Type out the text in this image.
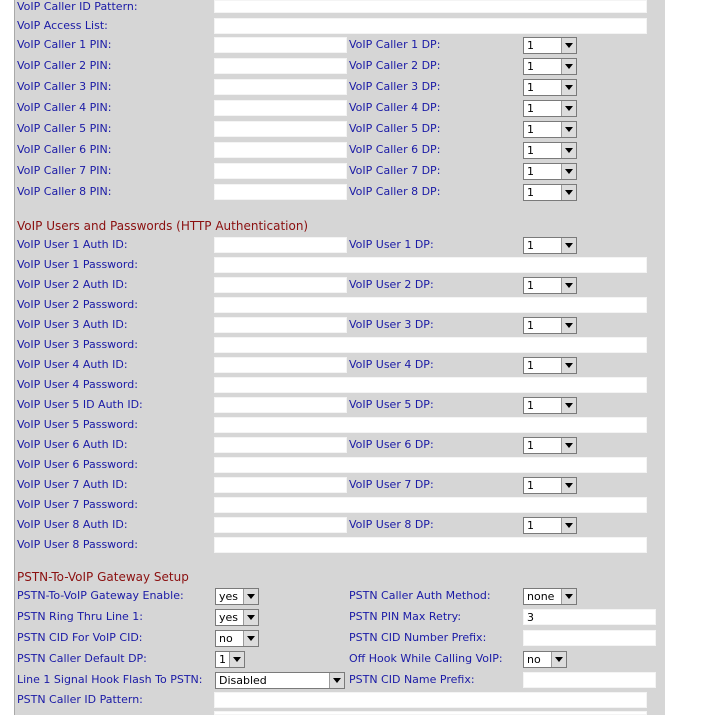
VoIP Caller ID Pattern:
VoIP Access List:
VoIP Caller 1 PIN:	VoIP Caller 1 DP:	1
VoIP Caller 2 PIN:	VoIP Caller 2 DP:	1
VoIP Caller 3 PIN:	VoIP Caller 3 DP:	1
VoIP Caller 4 PIN:	VoIP Caller 4 DP:	1
VoIP Caller 5 PIN:	VoIP Caller 5 DP:	1
VoIP Caller 6 PIN:	VoIP Caller 6 DP:	1
VoIP Caller 7 PIN:	VoIP Caller 7 DP:	1
VoIP Caller 8 PIN:	VoIP Caller 8 DP:	1
VoIP Users and Passwords (HTTP Authentication)
VoIP User 1 Auth ID:	VoIP User 1 DP:	1
VoIP User 1 Password:
VoIP User 2 Auth ID:	VoIP User 2 DP:	1
VoIP User 2 Password:
VoIP User 3 Auth ID:	VoIP User 3 DP:	1
VoIP User 3 Password:
VoIP User 4 Auth ID:	VoIP User 4 DP:	1
VoIP User 4 Password:
VoIP User 5 ID Auth ID:	VoIP User 5 DP:	1
VoIP User 5 Password:
VoIP User 6 Auth ID:	VoIP User 6 DP:	1
VoIP User 6 Password:
VoIP User 7 Auth ID:	VoIP User 7 DP:	1
VoIP User 7 Password:
VoIP User 8 Auth ID:	VoIP User 8 DP:	1
VoIP User 8 Password:
PSTN-To-VoIP Gateway Setup
PSTN-To-VoIP Gateway Enable:	yes	PSTN Caller Auth Method:	none
PSTN Ring Thru Line 1:	yes	PSTN PIN Max Retry:	3
PSTN CID For VoIP CID:	no	PSTN CID Number Prefix:
PSTN Caller Default DP:	1	Off Hook While Calling VoIP: no
Line 1 Signal Hook Flash To PSTN: Disabled	PSTN CID Name Prefix:
PSTN Caller ID Pattern:
